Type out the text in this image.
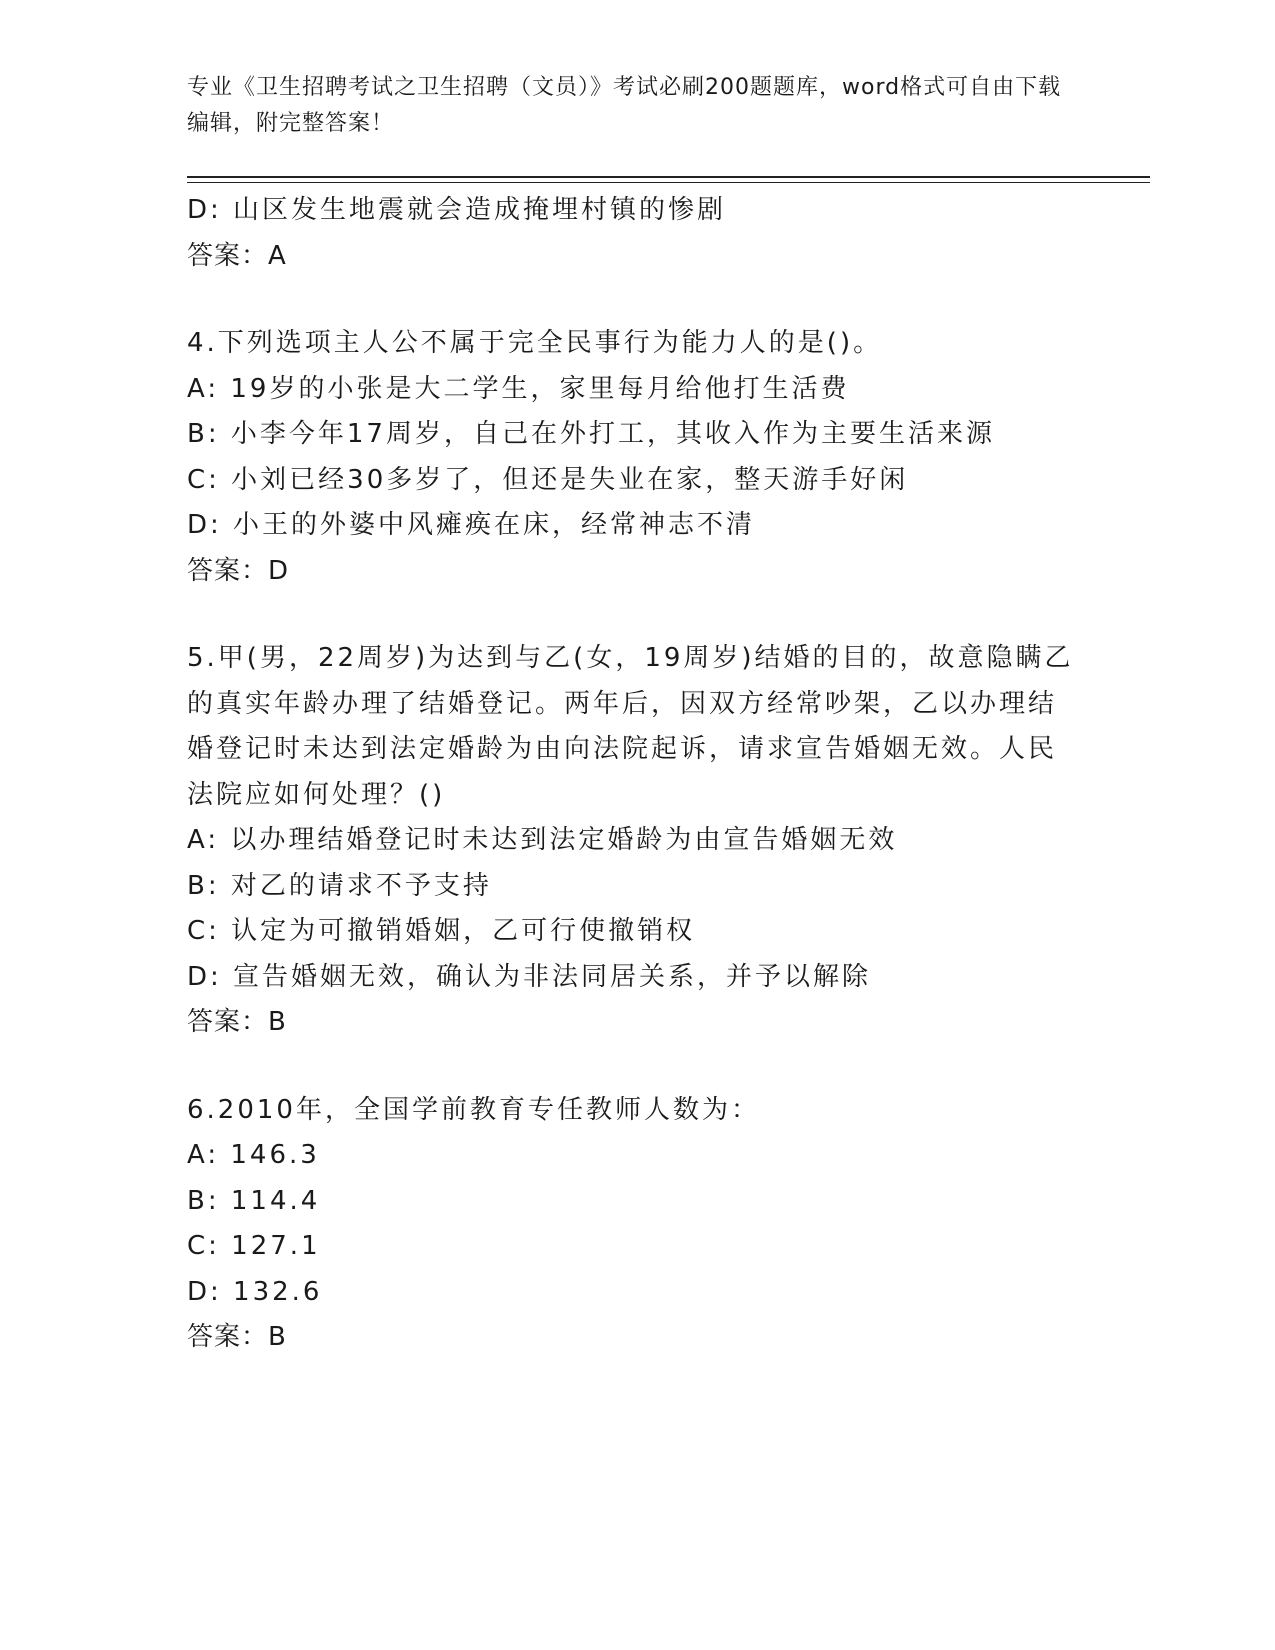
专业《卫生招聘考试之卫生招聘（文员）》考试必刷200题题库，word格式可自由下载编辑，附完整答案！
D: 山区发生地震就会造成掩埋村镇的惨剧
答案：A
4.下列选项主人公不属于完全民事行为能力人的是()。
A: 19岁的小张是大二学生，家里每月给他打生活费
B: 小李今年17周岁，自己在外打工，其收入作为主要生活来源
C: 小刘已经30多岁了，但还是失业在家，整天游手好闲
D: 小王的外婆中风瘫痪在床，经常神志不清
答案：D
5.甲(男，22周岁)为达到与乙(女，19周岁)结婚的目的，故意隐瞒乙
的真实年龄办理了结婚登记。两年后，因双方经常吵架，乙以办理结
婚登记时未达到法定婚龄为由向法院起诉，请求宣告婚姻无效。人民
法院应如何处理？()
A: 以办理结婚登记时未达到法定婚龄为由宣告婚姻无效
B: 对乙的请求不予支持
C: 认定为可撤销婚姻，乙可行使撤销权
D: 宣告婚姻无效，确认为非法同居关系，并予以解除
答案：B
6.2010年，全国学前教育专任教师人数为：
A: 146.3
B: 114.4
C: 127.1
D: 132.6
答案：B
